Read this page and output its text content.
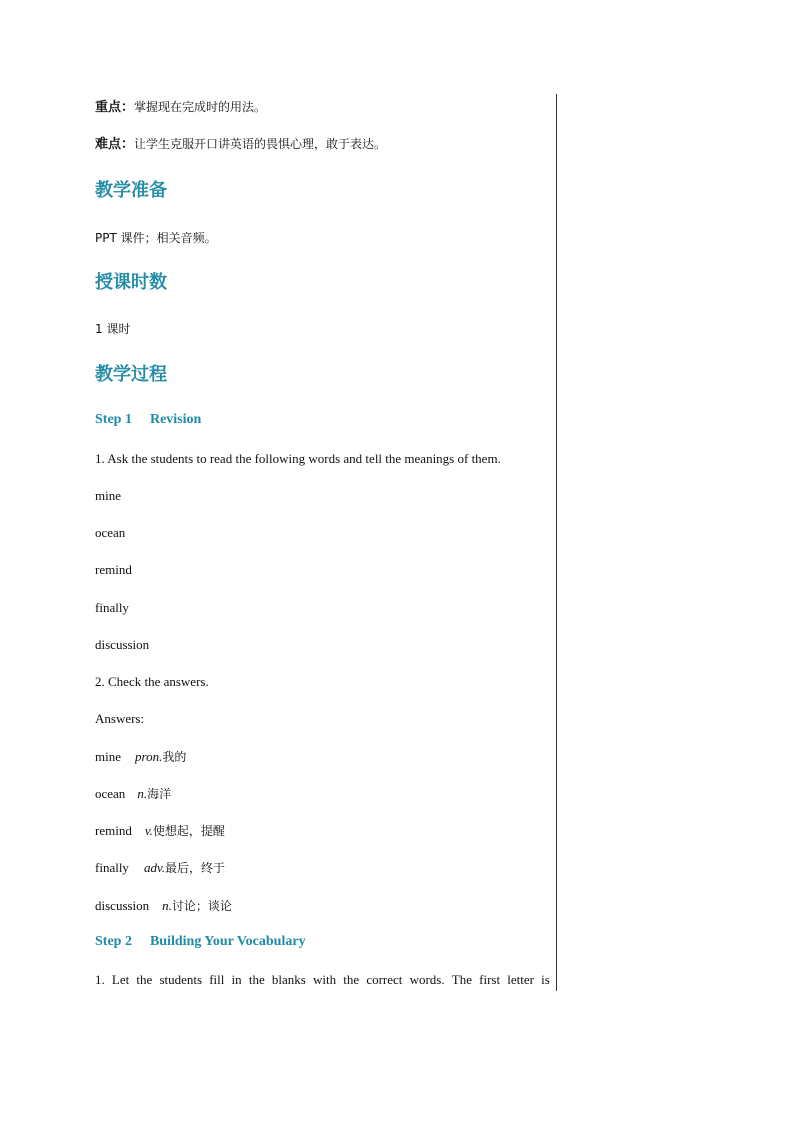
重点：掌握现在完成时的用法。
难点：让学生克服开口讲英语的畏惧心理，敢于表达。
教学准备
PPT 课件；相关音频。
授课时数
1 课时
教学过程
Step 1 Revision
1. Ask the students to read the following words and tell the meanings of them.
mine
ocean
remind
finally
discussion
2. Check the answers.
Answers:
mine pron.我的
ocean n.海洋
remind v.使想起，提醒
finally adv.最后，终于
discussion n.讨论；谈论
Step 2 Building Your Vocabulary
1. Let the students fill in the blanks with the correct words. The first letter is
